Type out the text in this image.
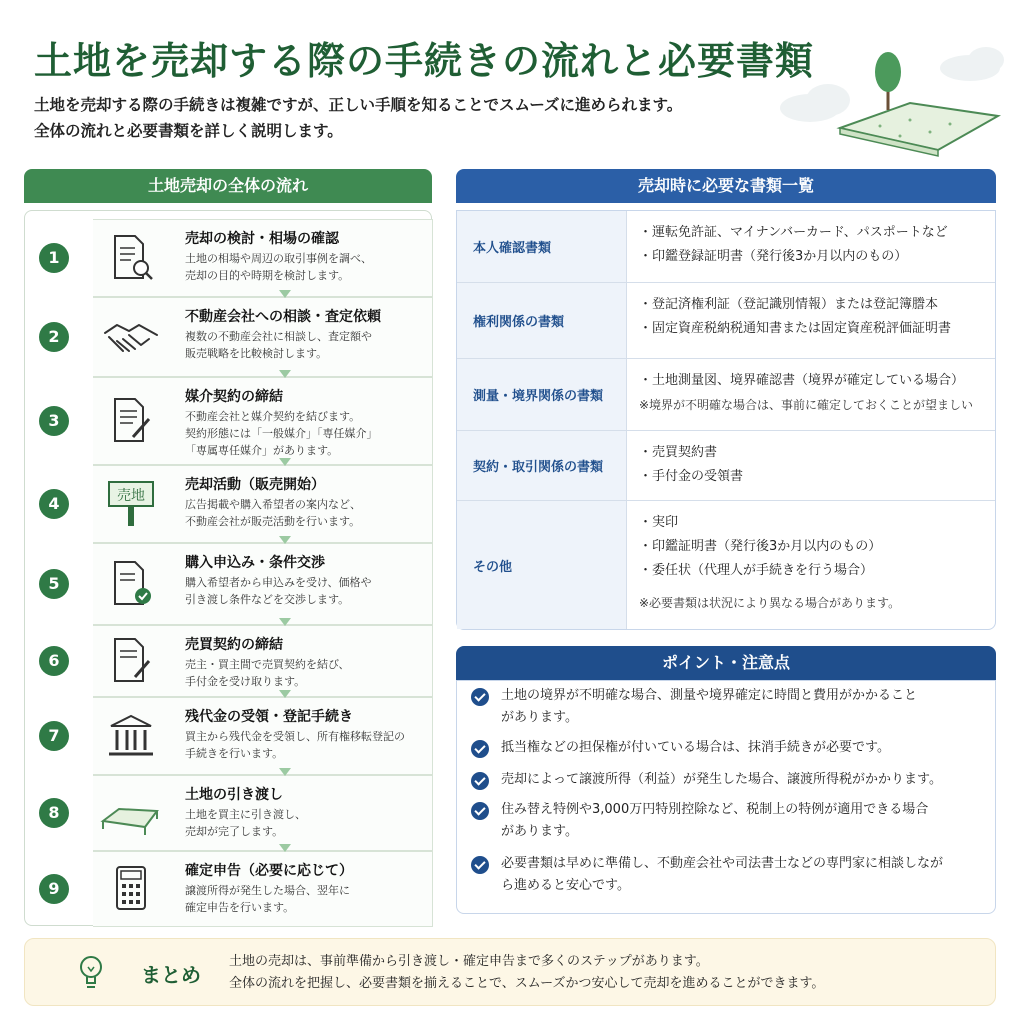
土地を売却する際の手続きの流れと必要書類
土地を売却する際の手続きは複雑ですが、正しい手順を知ることでスムーズに進められます。
全体の流れと必要書類を詳しく説明します。
土地売却の全体の流れ
1
売却の検討・相場の確認
土地の相場や周辺の取引事例を調べ、
売却の目的や時期を検討します。
2
不動産会社への相談・査定依頼
複数の不動産会社に相談し、査定額や
販売戦略を比較検討します。
3
媒介契約の締結
不動産会社と媒介契約を結びます。
契約形態には「一般媒介」「専任媒介」
「専属専任媒介」があります。
4	売地
売却活動（販売開始）
広告掲載や購入希望者の案内など、
不動産会社が販売活動を行います。
5
購入申込み・条件交渉
購入希望者から申込みを受け、価格や
引き渡し条件などを交渉します。
6
売買契約の締結
売主・買主間で売買契約を結び、
手付金を受け取ります。
7
残代金の受領・登記手続き
買主から残代金を受領し、所有権移転登記の
手続きを行います。
8
土地の引き渡し
土地を買主に引き渡し、
売却が完了します。
9
確定申告（必要に応じて）
譲渡所得が発生した場合、翌年に
確定申告を行います。
売却時に必要な書類一覧
本人確認書類
・運転免許証、マイナンバーカード、パスポートなど
・印鑑登録証明書（発行後3か月以内のもの）
権利関係の書類
・登記済権利証（登記識別情報）または登記簿謄本
・固定資産税納税通知書または固定資産税評価証明書
測量・境界関係の書類
・土地測量図、境界確認書（境界が確定している場合）
※境界が不明確な場合は、事前に確定しておくことが望ましい
契約・取引関係の書類
・売買契約書
・手付金の受領書
その他
・実印
・印鑑証明書（発行後3か月以内のもの）
・委任状（代理人が手続きを行う場合）
※必要書類は状況により異なる場合があります。
ポイント・注意点
土地の境界が不明確な場合、測量や境界確定に時間と費用がかかること
があります。
抵当権などの担保権が付いている場合は、抹消手続きが必要です。
売却によって譲渡所得（利益）が発生した場合、譲渡所得税がかかります。
住み替え特例や3,000万円特別控除など、税制上の特例が適用できる場合
があります。
必要書類は早めに準備し、不動産会社や司法書士などの専門家に相談しなが
ら進めると安心です。
まとめ
土地の売却は、事前準備から引き渡し・確定申告まで多くのステップがあります。
全体の流れを把握し、必要書類を揃えることで、スムーズかつ安心して売却を進めることができます。
